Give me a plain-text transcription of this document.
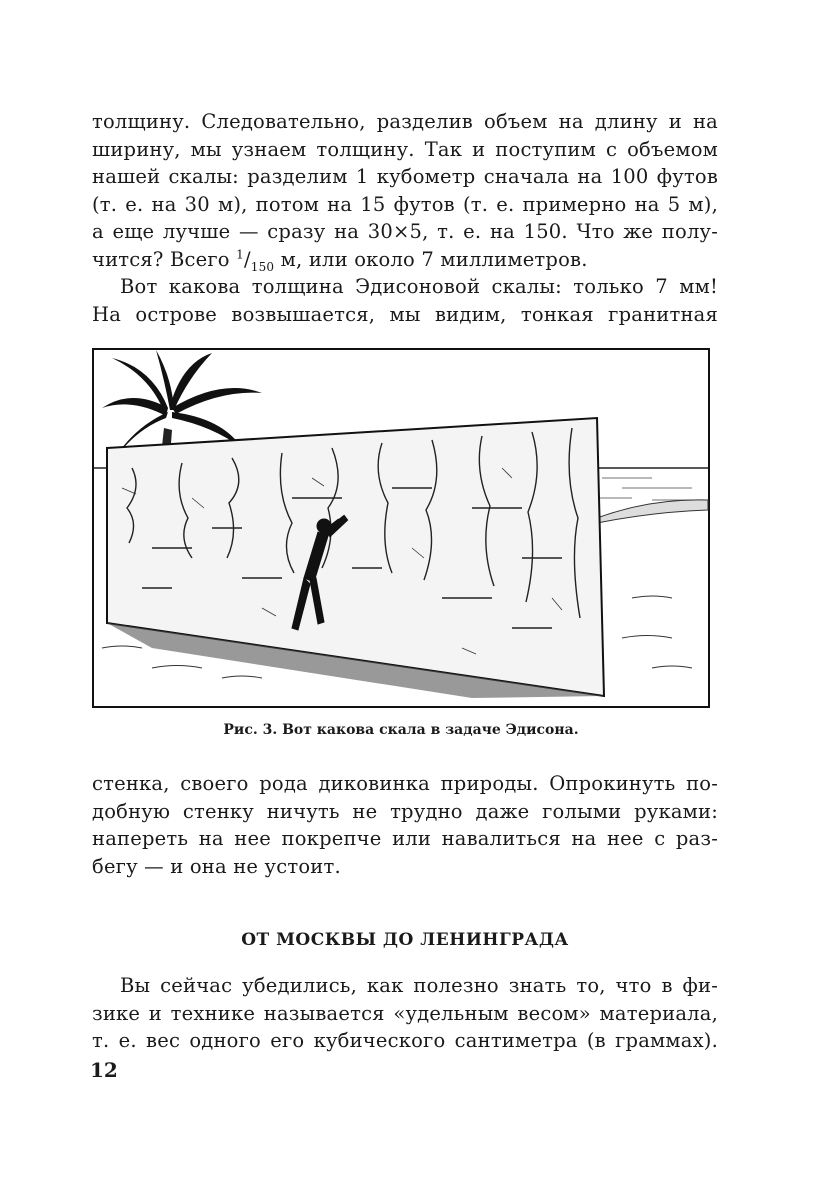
толщину. Следовательно, разделив объем на длину и на
ширину, мы узнаем толщину. Так и поступим с объемом
нашей скалы: разделим 1 кубометр сначала на 100 футов
(т. е. на 30 м), потом на 15 футов (т. е. примерно на 5 м),
а еще лучше — сразу на 30×5, т. е. на 150. Что же полу-
чится? Всего $^1/_{150}$ м, или около 7 миллиметров.
Вот какова толщина Эдисоновой скалы: только 7 мм!
На острове возвышается, мы видим, тонкая гранитная
Рис. 3. Вот какова скала в задаче Эдисона.
стенка, своего рода диковинка природы. Опрокинуть по-
добную стенку ничуть не трудно даже голыми руками:
наперeть на нее покрепче или навалиться на нее с раз-
бегу — и она не устоит.
ОТ МОСКВЫ ДО ЛЕНИНГРАДА
Вы сейчас убедились, как полезно знать то, что в фи-
зике и технике называется «удельным весом» материала,
т. е. вес одного его кубического сантиметра (в граммах).
12
